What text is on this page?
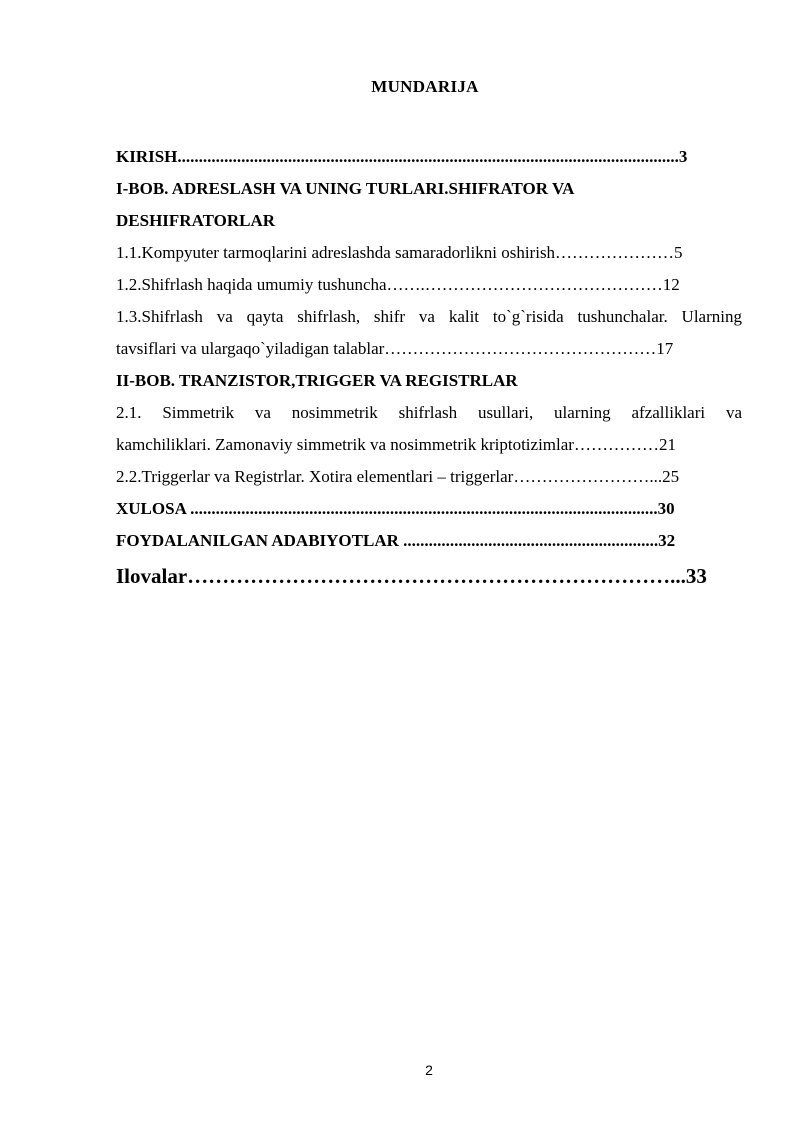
MUNDARIJA
KIRISH......................................................................................................................3
I-BOB. ADRESLASH VA UNING TURLARI.SHIFRATOR VA
DESHIFRATORLAR
1.1.Kompyuter tarmoqlarini adreslashda samaradorlikni oshirish…………………5
1.2.Shifrlash haqida umumiy tushuncha…….……………………………………12
1.3.Shifrlash va qayta shifrlash, shifr va kalit to`g`risida tushunchalar. Ularning
tavsiflari va ulargaqo`yiladigan talablar…………………………………………17
II-BOB. TRANZISTOR,TRIGGER VA REGISTRLAR
2.1. Simmetrik va nosimmetrik shifrlash usullari, ularning afzalliklari va
kamchiliklari. Zamonaviy simmetrik va nosimmetrik kriptotizimlar……………21
2.2.Triggerlar va Registrlar. Xotira elementlari – triggerlar……………………...25
XULOSA ..............................................................................................................30
FOYDALANILGAN ADABIYOTLAR ............................................................32
Ilovalar……………………………………………………………...33
2
